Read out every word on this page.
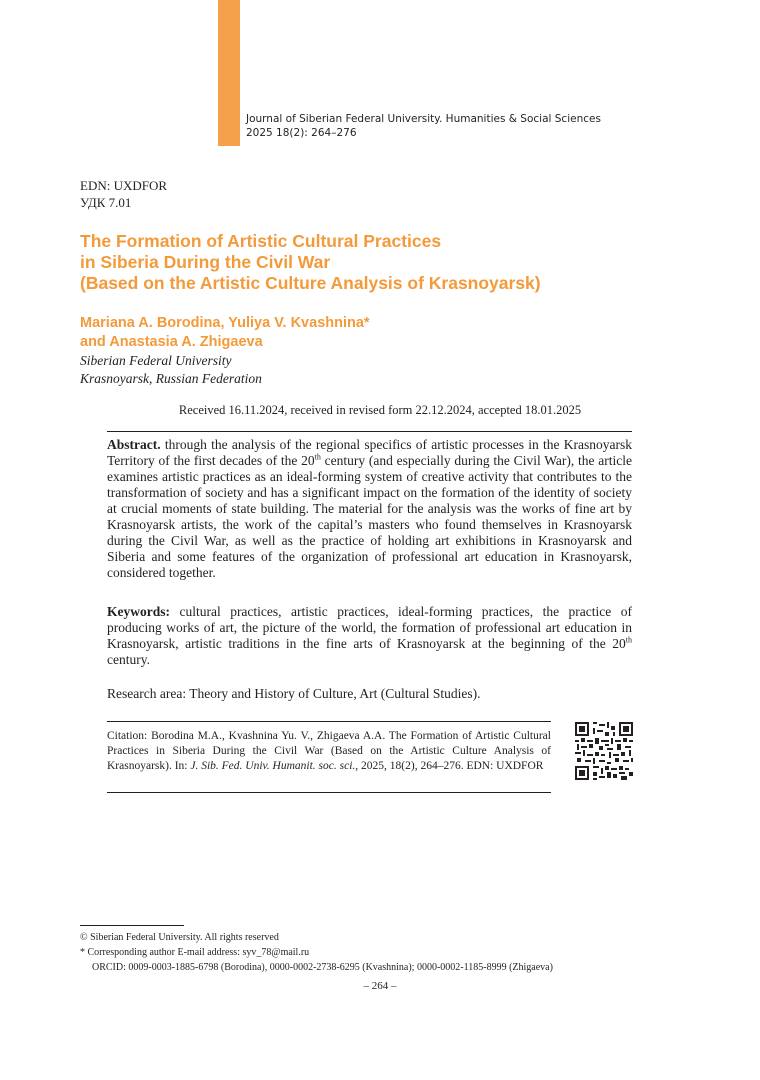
Journal of Siberian Federal University. Humanities & Social Sciences
2025 18(2): 264–276
EDN: UXDFOR
УДК 7.01
The Formation of Artistic Cultural Practices
in Siberia During the Civil War
(Based on the Artistic Culture Analysis of Krasnoyarsk)
Mariana A. Borodina, Yuliya V. Kvashnina*
and Anastasia A. Zhigaeva
Siberian Federal University
Krasnoyarsk, Russian Federation
Received 16.11.2024, received in revised form 22.12.2024, accepted 18.01.2025
Abstract. through the analysis of the regional specifics of artistic processes in the Krasnoyarsk Territory of the first decades of the 20th century (and especially during the Civil War), the article examines artistic practices as an ideal-forming system of creative activity that contributes to the transformation of society and has a significant impact on the formation of the identity of society at crucial moments of state building. The material for the analysis was the works of fine art by Krasnoyarsk artists, the work of the capital’s masters who found themselves in Krasnoyarsk during the Civil War, as well as the practice of holding art exhibitions in Krasnoyarsk and Siberia and some features of the organization of professional art education in Krasnoyarsk, considered together.
Keywords: cultural practices, artistic practices, ideal-forming practices, the practice of producing works of art, the picture of the world, the formation of professional art education in Krasnoyarsk, artistic traditions in the fine arts of Krasnoyarsk at the beginning of the 20th century.
Research area: Theory and History of Culture, Art (Cultural Studies).
Citation: Borodina M.A., Kvashnina Yu. V., Zhigaeva A.A. The Formation of Artistic Cultural Practices in Siberia During the Civil War (Based on the Artistic Culture Analysis of Krasnoyarsk). In: J. Sib. Fed. Univ. Humanit. soc. sci., 2025, 18(2), 264–276. EDN: UXDFOR
© Siberian Federal University. All rights reserved
* Corresponding author E-mail address: syv_78@mail.ru
ORCID: 0009-0003-1885-6798 (Borodina), 0000-0002-2738-6295 (Kvashnina); 0000-0002-1185-8999 (Zhigaeva)
– 264 –
